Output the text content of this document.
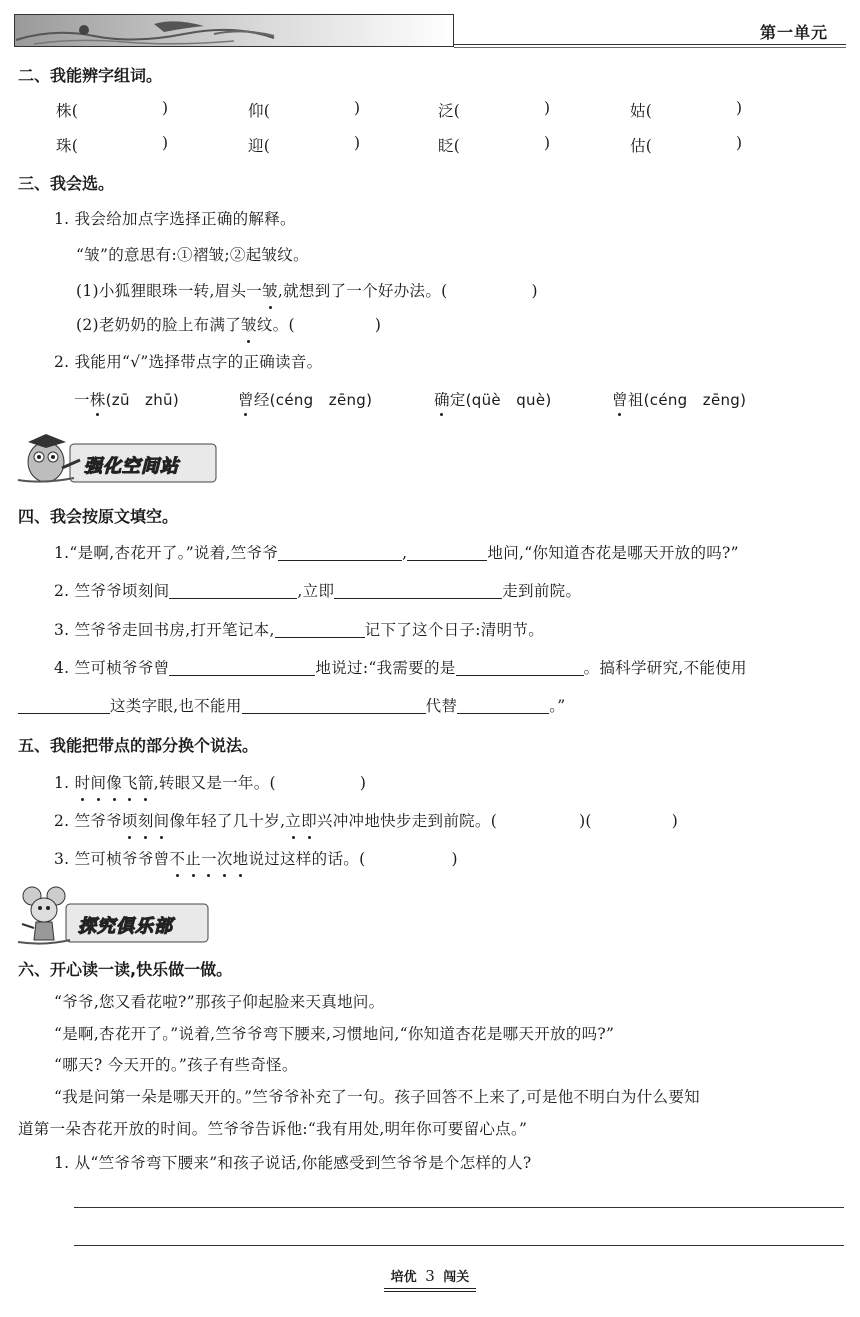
第一单元
二、我能辨字组词。
株(	)	仰(	)	泛(	)	姑(	)
珠(	)	迎(	)	眨(	)	估(	)
三、我会选。
1. 我会给加点字选择正确的解释。
“皱”的意思有:①褶皱;②起皱纹。
(1)小狐狸眼珠一转,眉头一皱,就想到了一个好办法。(	)
(2)老奶奶的脸上布满了皱纹。(	)
2. 我能用“√”选择带点字的正确读音。
一株(zū　zhū)	曾经(céng　zēng)	确定(qüè　què)	曾祖(céng　zēng)
强化空间站
四、我会按原文填空。
1.“是啊,杏花开了。”说着,竺爷爷	,	地问,“你知道杏花是哪天开放的吗?”
2. 竺爷爷顷刻间	,立即	走到前院。
3. 竺爷爷走回书房,打开笔记本,	记下了这个日子:清明节。
4. 竺可桢爷爷曾	地说过:“我需要的是	。搞科学研究,不能使用
这类字眼,也不能用	代替	。”
五、我能把带点的部分换个说法。
1. 时间像飞箭,转眼又是一年。(	)
2. 竺爷爷顷刻间像年轻了几十岁,立即兴冲冲地快步走到前院。(	)(	)
3. 竺可桢爷爷曾不止一次地说过这样的话。(	)
探究俱乐部
六、开心读一读,快乐做一做。
“爷爷,您又看花啦?”那孩子仰起脸来天真地问。
“是啊,杏花开了。”说着,竺爷爷弯下腰来,习惯地问,“你知道杏花是哪天开放的吗?”
“哪天? 今天开的。”孩子有些奇怪。
“我是问第一朵是哪天开的。”竺爷爷补充了一句。孩子回答不上来了,可是他不明白为什么要知
道第一朵杏花开放的时间。竺爷爷告诉他:“我有用处,明年你可要留心点。”
1. 从“竺爷爷弯下腰来”和孩子说话,你能感受到竺爷爷是个怎样的人?
培优 3 闯关
